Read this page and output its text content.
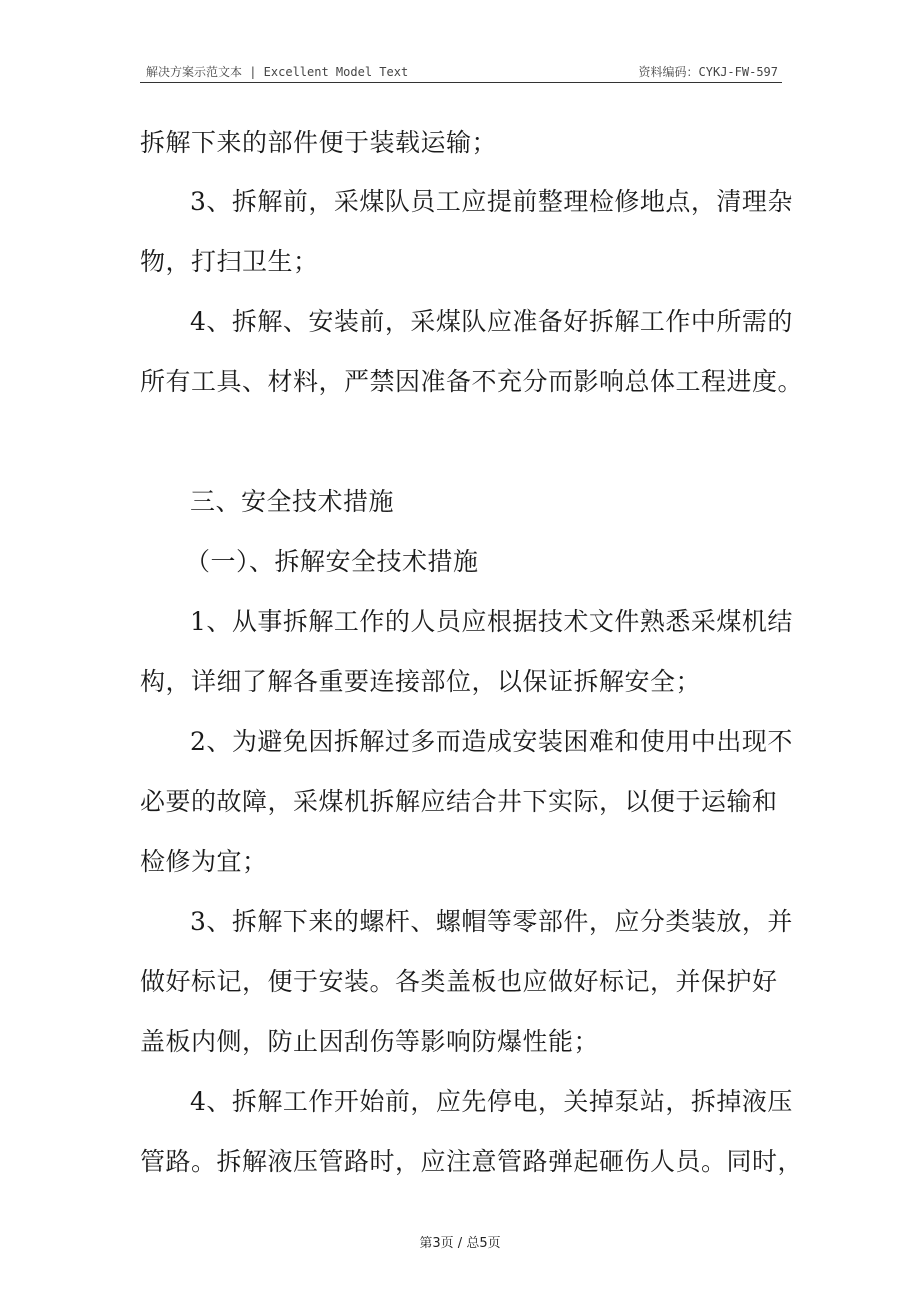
解决方案示范文本 | Excellent Model Text	资料编码：CYKJ-FW-597

拆解下来的部件便于装载运输；

3、拆解前，采煤队员工应提前整理检修地点，清理杂

物，打扫卫生；

4、拆解、安装前，采煤队应准备好拆解工作中所需的

所有工具、材料，严禁因准备不充分而影响总体工程进度。

三、安全技术措施

（一）、拆解安全技术措施

1、从事拆解工作的人员应根据技术文件熟悉采煤机结

构，详细了解各重要连接部位，以保证拆解安全；

2、为避免因拆解过多而造成安装困难和使用中出现不

必要的故障，采煤机拆解应结合井下实际，以便于运输和

检修为宜；

3、拆解下来的螺杆、螺帽等零部件，应分类装放，并

做好标记，便于安装。各类盖板也应做好标记，并保护好

盖板内侧，防止因刮伤等影响防爆性能；

4、拆解工作开始前，应先停电，关掉泵站，拆掉液压

管路。拆解液压管路时，应注意管路弹起砸伤人员。同时，

第3页 / 总5页
